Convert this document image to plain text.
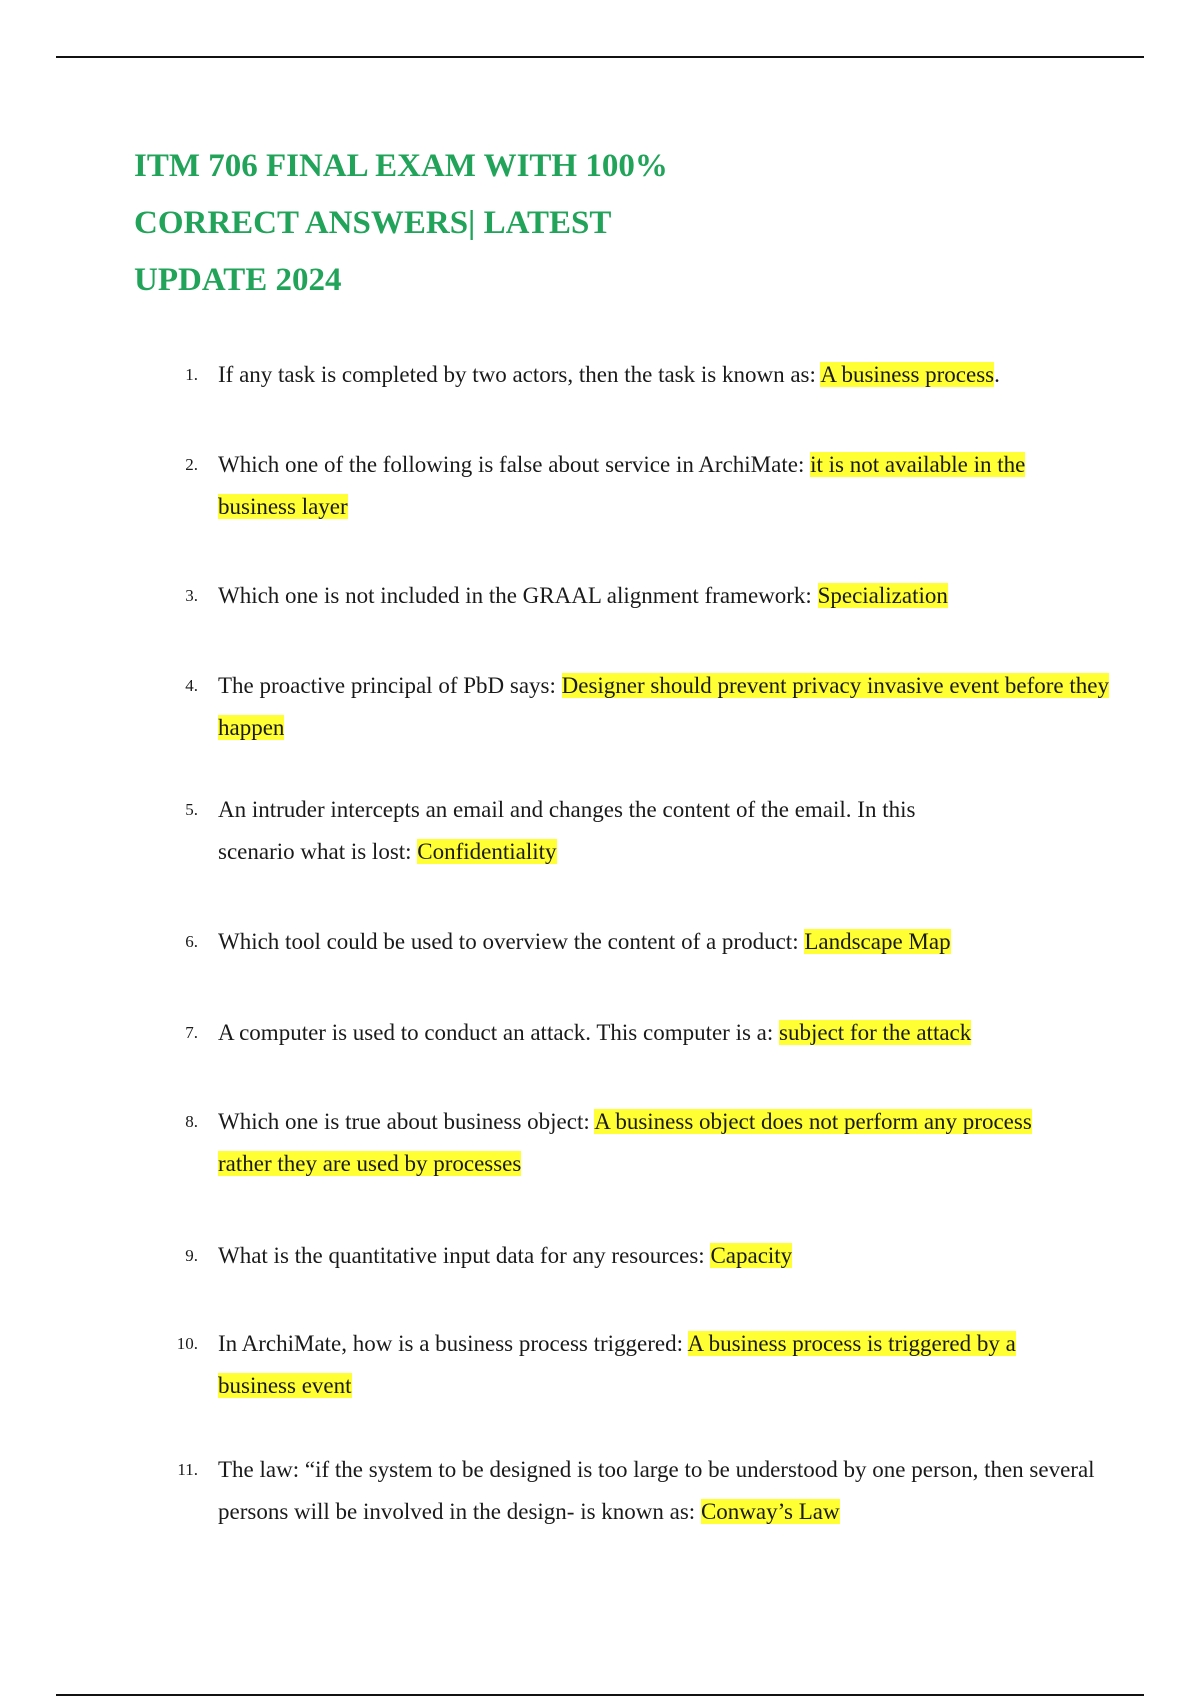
ITM 706 FINAL EXAM WITH 100%
CORRECT ANSWERS| LATEST
UPDATE 2024
1. If any task is completed by two actors, then the task is known as: A business process.
2. Which one of the following is false about service in ArchiMate: it is not available in the business layer
3. Which one is not included in the GRAAL alignment framework: Specialization
4. The proactive principal of PbD says: Designer should prevent privacy invasive event before they happen
5. An intruder intercepts an email and changes the content of the email. In this scenario what is lost: Confidentiality
6. Which tool could be used to overview the content of a product: Landscape Map
7. A computer is used to conduct an attack. This computer is a: subject for the attack
8. Which one is true about business object: A business object does not perform any process rather they are used by processes
9. What is the quantitative input data for any resources: Capacity
10. In ArchiMate, how is a business process triggered: A business process is triggered by a business event
11. The law: “if the system to be designed is too large to be understood by one person, then several persons will be involved in the design- is known as: Conway’s Law
